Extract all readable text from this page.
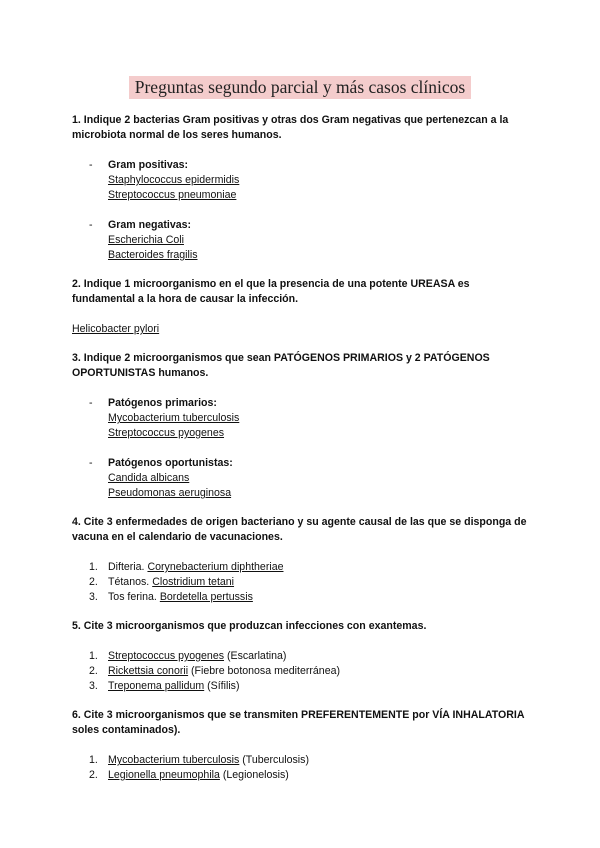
Preguntas segundo parcial y más casos clínicos

1. Indique 2 bacterias Gram positivas y otras dos Gram negativas que pertenezcan a la microbiota normal de los seres humanos.

-	Gram positivas:
Staphylococcus epidermidis
Streptococcus pneumoniae
-	Gram negativas:
Escherichia Coli
Bacteroides fragilis

2. Indique 1 microorganismo en el que la presencia de una potente UREASA es fundamental a la hora de causar la infección.

Helicobacter pylori

3. Indique 2 microorganismos que sean PATÓGENOS PRIMARIOS y 2 PATÓGENOS OPORTUNISTAS humanos.

-	Patógenos primarios:
Mycobacterium tuberculosis
Streptococcus pyogenes
-	Patógenos oportunistas:
Candida albicans
Pseudomonas aeruginosa

4. Cite 3 enfermedades de origen bacteriano y su agente causal de las que se disponga de vacuna en el calendario de vacunaciones.

1. Difteria. Corynebacterium diphtheriae
2. Tétanos. Clostridium tetani
3. Tos ferina. Bordetella pertussis

5. Cite 3 microorganismos que produzcan infecciones con exantemas.

1. Streptococcus pyogenes (Escarlatina)
2. Rickettsia conorii (Fiebre botonosa mediterránea)
3. Treponema pallidum (Sífilis)

6. Cite 3 microorganismos que se transmiten PREFERENTEMENTE por VÍA INHALATORIA soles contaminados).

1. Mycobacterium tuberculosis (Tuberculosis)
2. Legionella pneumophila (Legionelosis)
